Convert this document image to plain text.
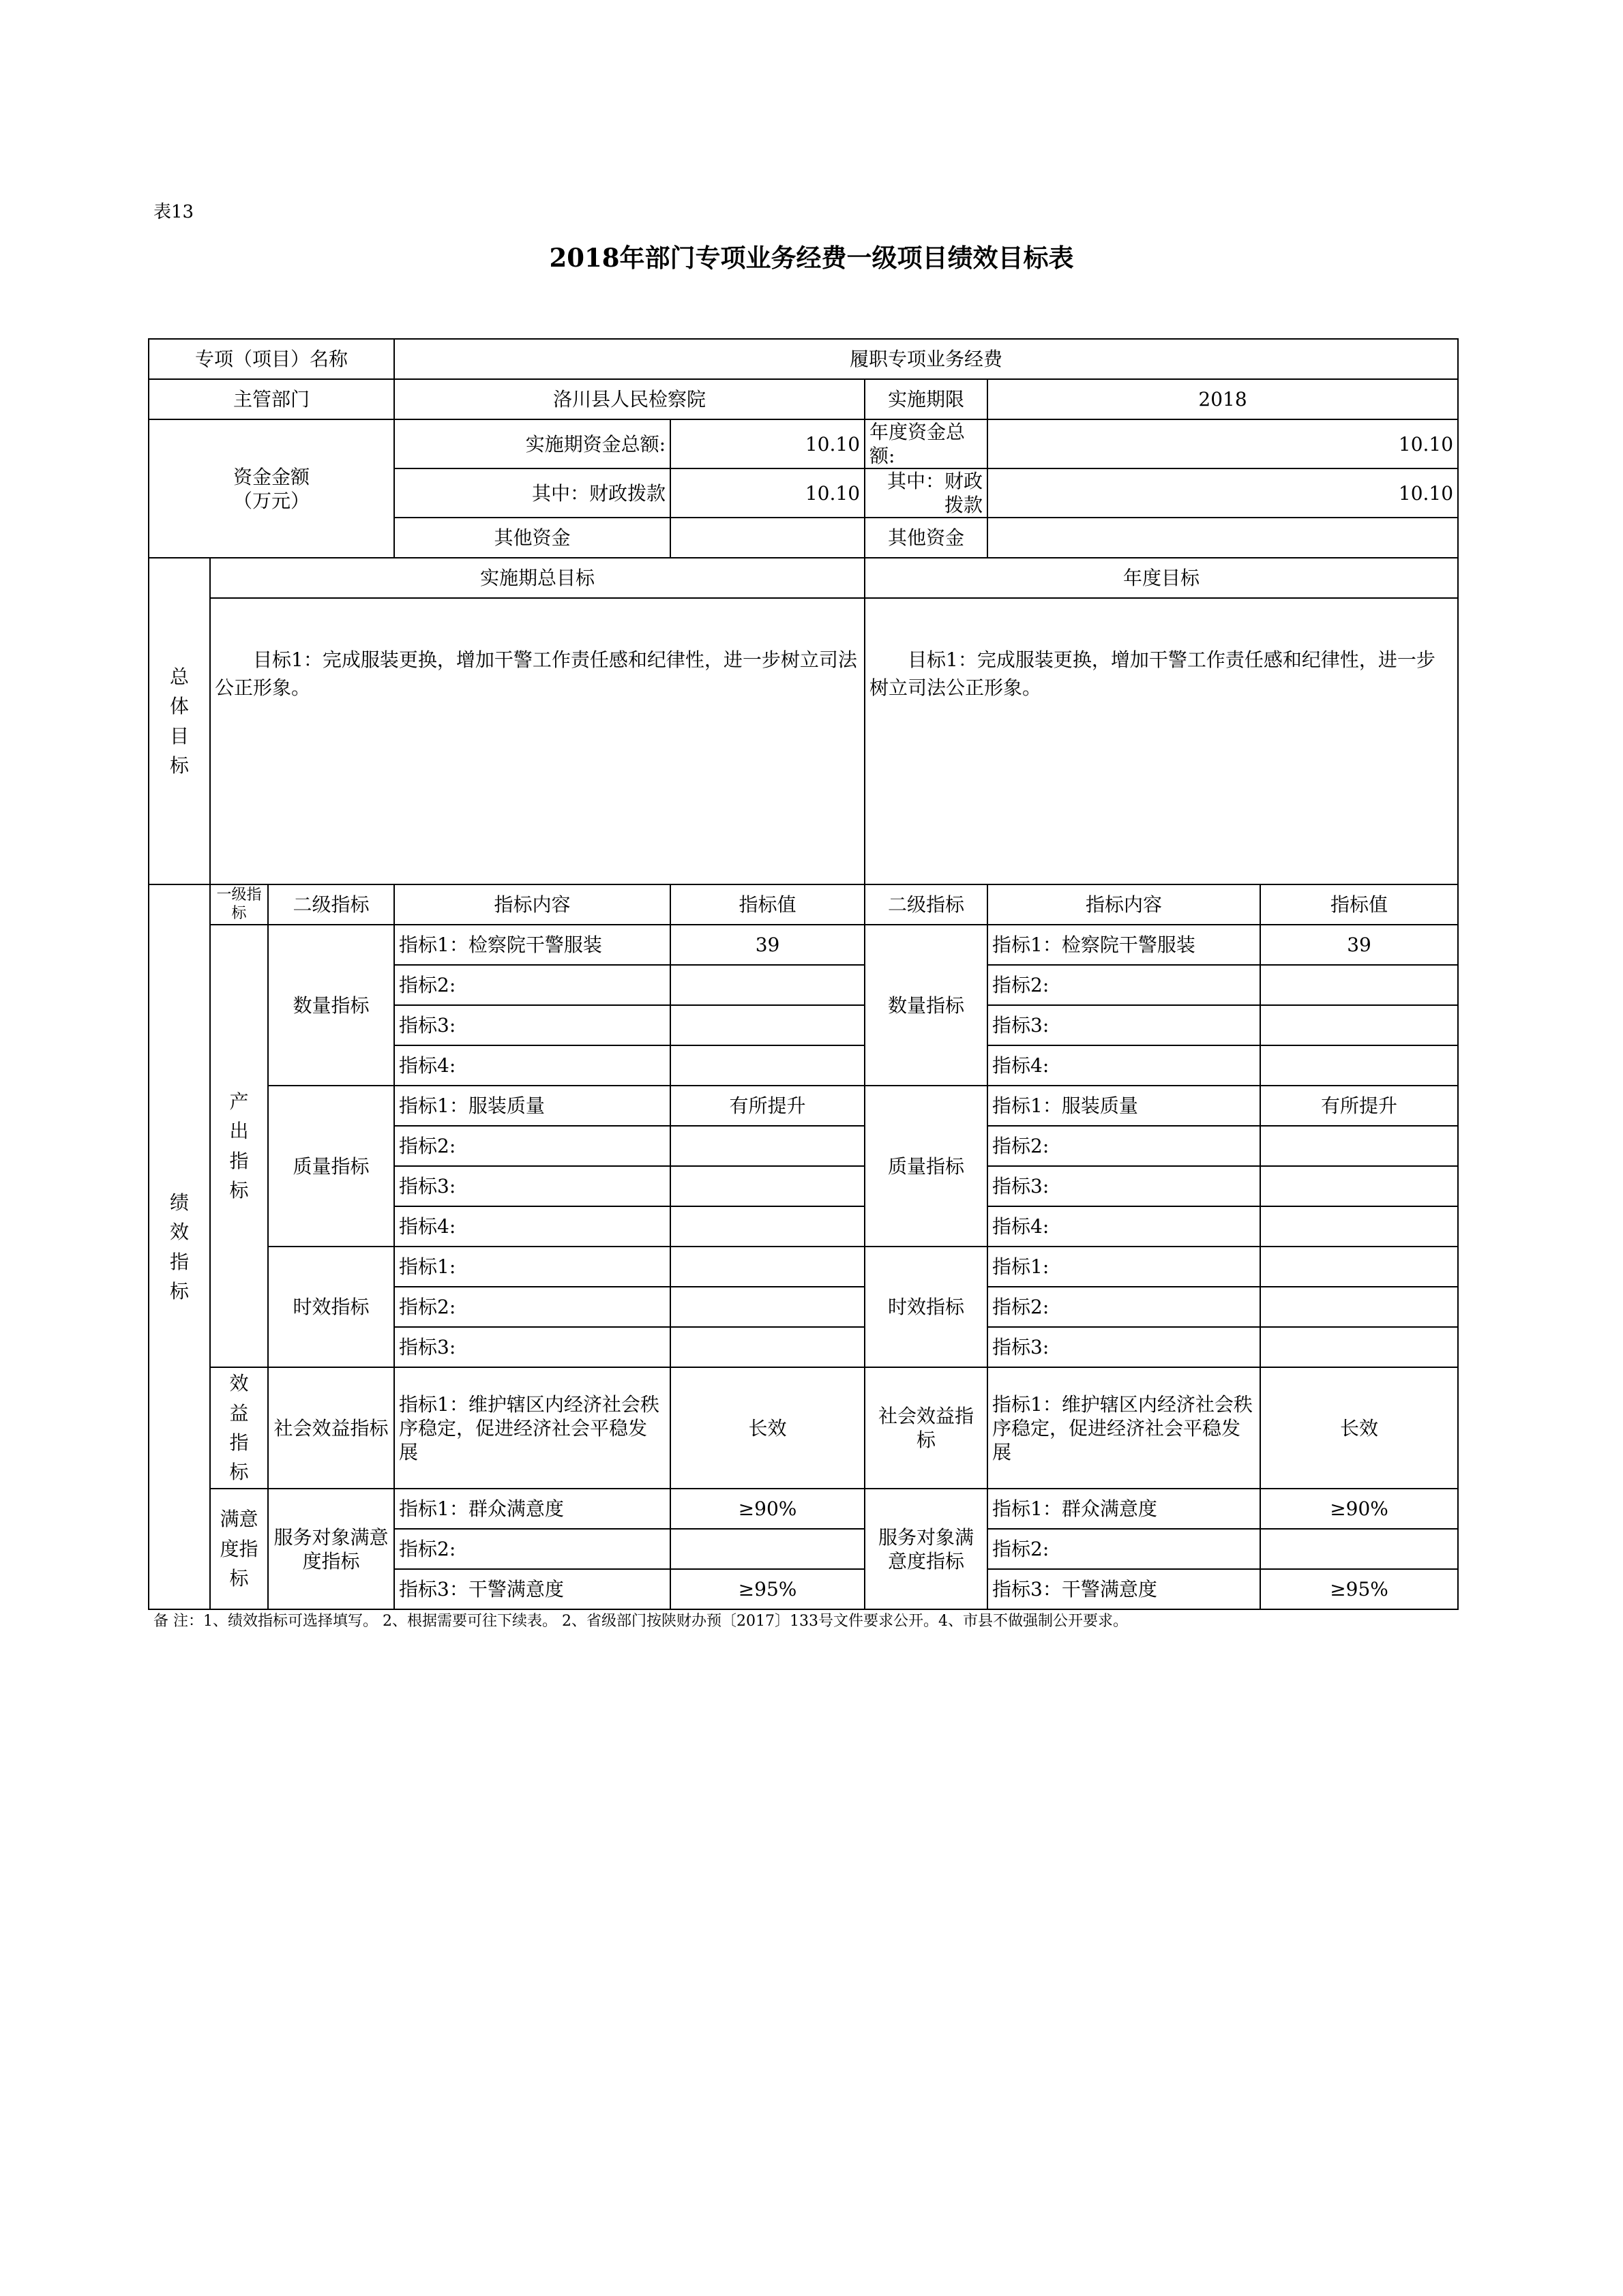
表13
2018年部门专项业务经费一级项目绩效目标表
专项（项目）名称			履职专项业务经费				
主管部门			洛川县人民检察院		实施期限	2018	

资金金额
（万元）			实施期资金总额:	10.10	年度资金总额:	10.10	
			其中：财政拨款	10.10	其中：财政拨款	10.10	
			其他资金		其他资金		
总体目标	实施期总目标				年度目标		
	目标1：完成服装更换，增加干警工作责任感和纪律性，进一步树立司法公正形象。				目标1：完成服装更换，增加干警工作责任感和纪律性，进一步树立司法公正形象。		
绩效指标	一级指标	二级指标	指标内容	指标值	二级指标	指标内容	指标值
	产出指标	数量指标	指标1：检察院干警服装	39	数量指标	指标1：检察院干警服装	39
			指标2:			指标2:	
			指标3:			指标3:	
			指标4:			指标4:	
		质量指标	指标1：服装质量	有所提升	质量指标	指标1：服装质量	有所提升
			指标2:			指标2:	
			指标3:			指标3:	
			指标4:			指标4:	
		时效指标	指标1:		时效指标	指标1:	
			指标2:			指标2:	
			指标3:			指标3:	
	效益指标	社会效益指标	指标1：维护辖区内经济社会秩序稳定，促进经济社会平稳发展	长效	社会效益指标	指标1：维护辖区内经济社会秩序稳定，促进经济社会平稳发展	长效
	满意度指标	服务对象满意度指标	指标1：群众满意度	≥90%	服务对象满意度指标	指标1：群众满意度	≥90%
			指标2:			指标2:	
			指标3：干警满意度	≥95%		指标3：干警满意度	≥95%
备 注：1、绩效指标可选择填写。 2、根据需要可往下续表。 2、省级部门按陕财办预〔2017〕133号文件要求公开。4、市县不做强制公开要求。
